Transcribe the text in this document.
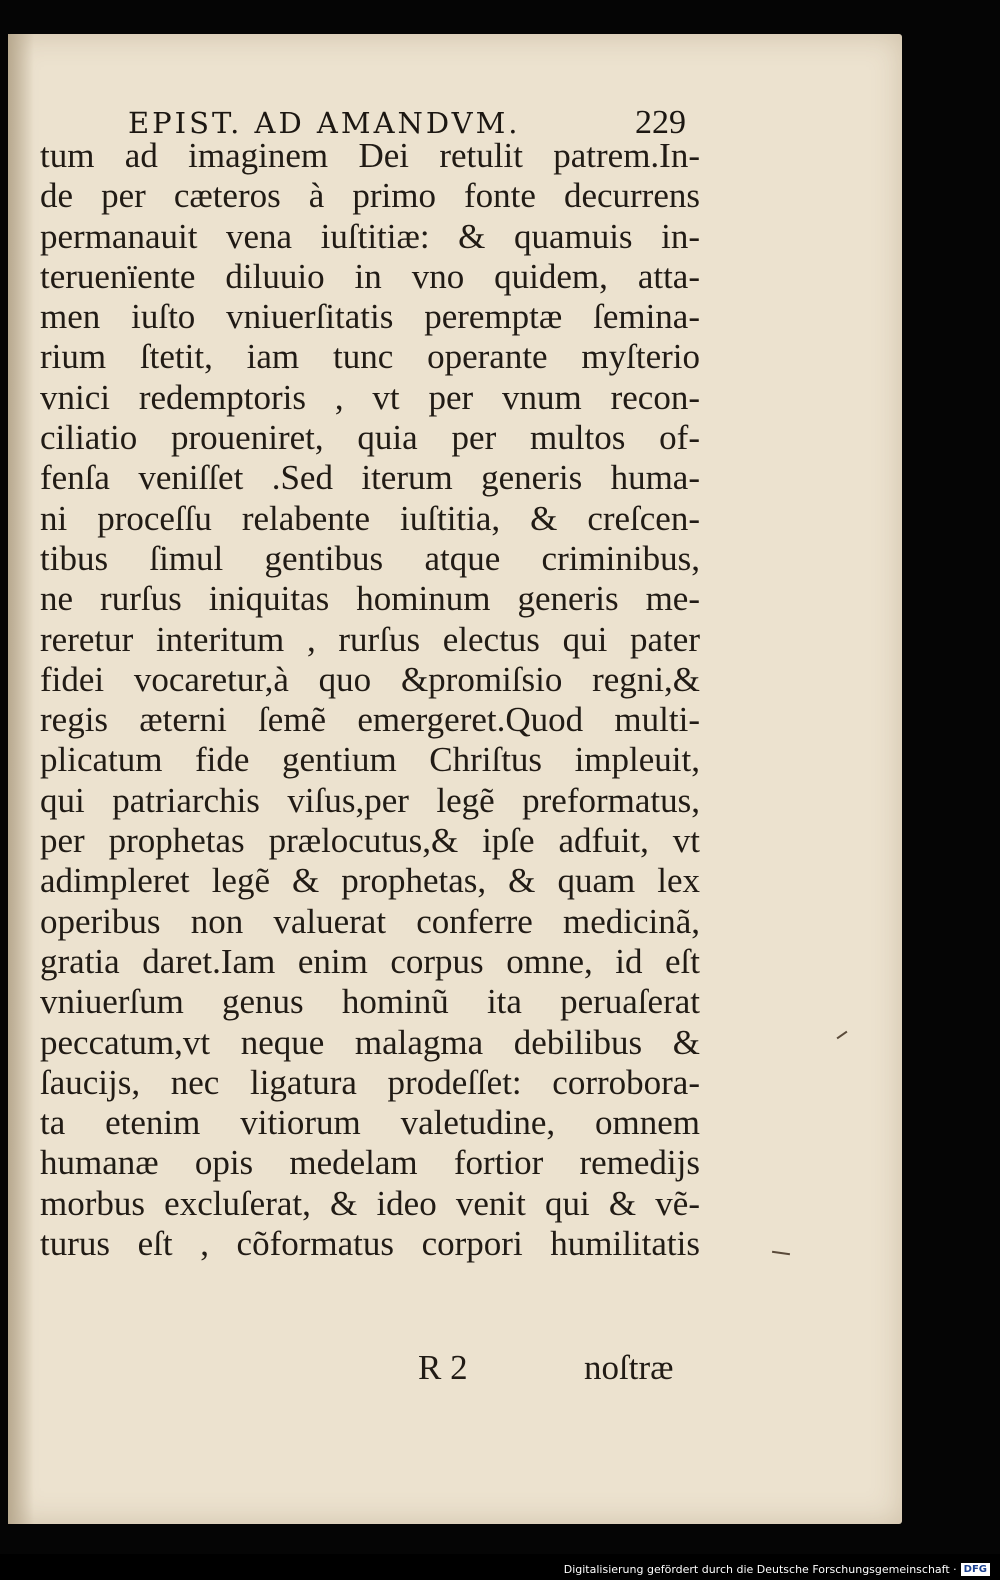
EPIST. AD AMANDVM.	229
tum ad imaginem Dei retulit patrem.In-
de per cæteros à primo fonte decurrens
permanauit vena iuſtitiæ: & quamuis in-
teruenïente diluuio in vno quidem, atta-
men iuſto vniuerſitatis peremptæ ſemina-
rium ſtetit, iam tunc operante myſterio
vnici redemptoris , vt per vnum recon-
ciliatio proueniret, quia per multos of-
fenſa veniſſet .Sed iterum generis huma-
ni proceſſu relabente iuſtitia, & creſcen-
tibus ſimul gentibus atque criminibus,
ne rurſus iniquitas hominum generis me-
reretur interitum , rurſus electus qui pater
fidei vocaretur,à quo &promiſsio regni,&
regis æterni ſemẽ emergeret.Quod multi-
plicatum fide gentium Chriſtus impleuit,
qui patriarchis viſus,per legẽ preformatus,
per prophetas prælocutus,& ipſe adfuit, vt
adimpleret legẽ & prophetas, & quam lex
operibus non valuerat conferre medicinã,
gratia daret.Iam enim corpus omne, id eſt
vniuerſum genus hominũ ita peruaſerat
peccatum,vt neque malagma debilibus &
ſaucijs, nec ligatura prodeſſet: corrobora-
ta etenim vitiorum valetudine, omnem
humanæ opis medelam fortior remedijs
morbus excluſerat, & ideo venit qui & vẽ-
turus eſt , cõformatus corpori humilitatis
R 2	noſtræ
Digitalisierung gefördert durch die Deutsche Forschungsgemeinschaft · DFG
